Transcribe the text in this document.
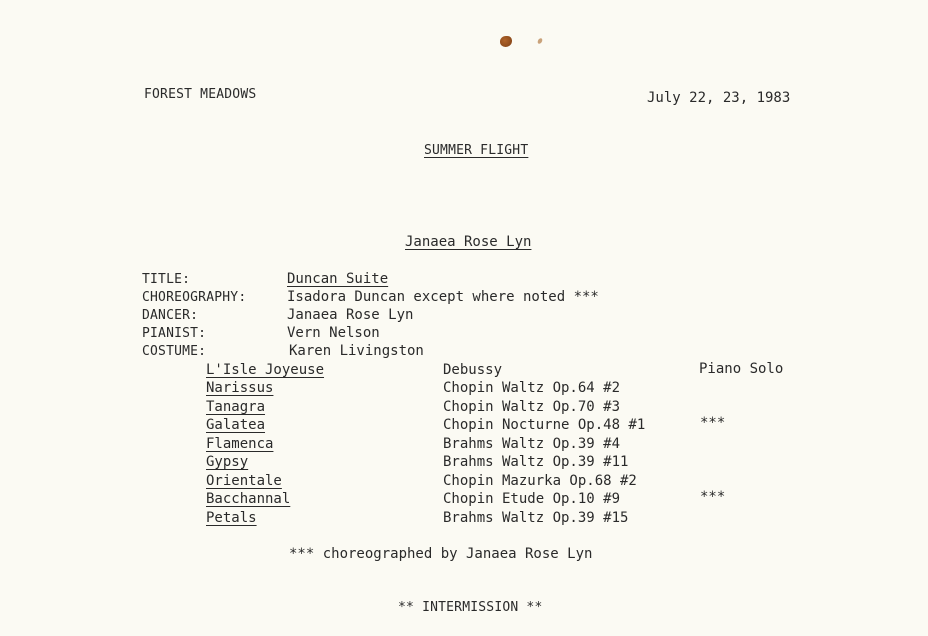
FOREST MEADOWS	July 22, 23, 1983
SUMMER FLIGHT
Janaea Rose Lyn
TITLE:	Duncan Suite
CHOREOGRAPHY:	Isadora Duncan except where noted ***
DANCER:	Janaea Rose Lyn
PIANIST:	Vern Nelson
COSTUME:	Karen Livingston
L'Isle Joyeuse	Debussy	Piano Solo
Narissus	Chopin Waltz Op.64 #2
Tanagra	Chopin Waltz Op.70 #3
Galatea	Chopin Nocturne Op.48 #1	***
Flamenca	Brahms Waltz Op.39 #4
Gypsy	Brahms Waltz Op.39 #11
Orientale	Chopin Mazurka Op.68 #2
Bacchannal	Chopin Etude Op.10 #9	***
Petals	Brahms Waltz Op.39 #15
*** choreographed by Janaea Rose Lyn
** INTERMISSION **
